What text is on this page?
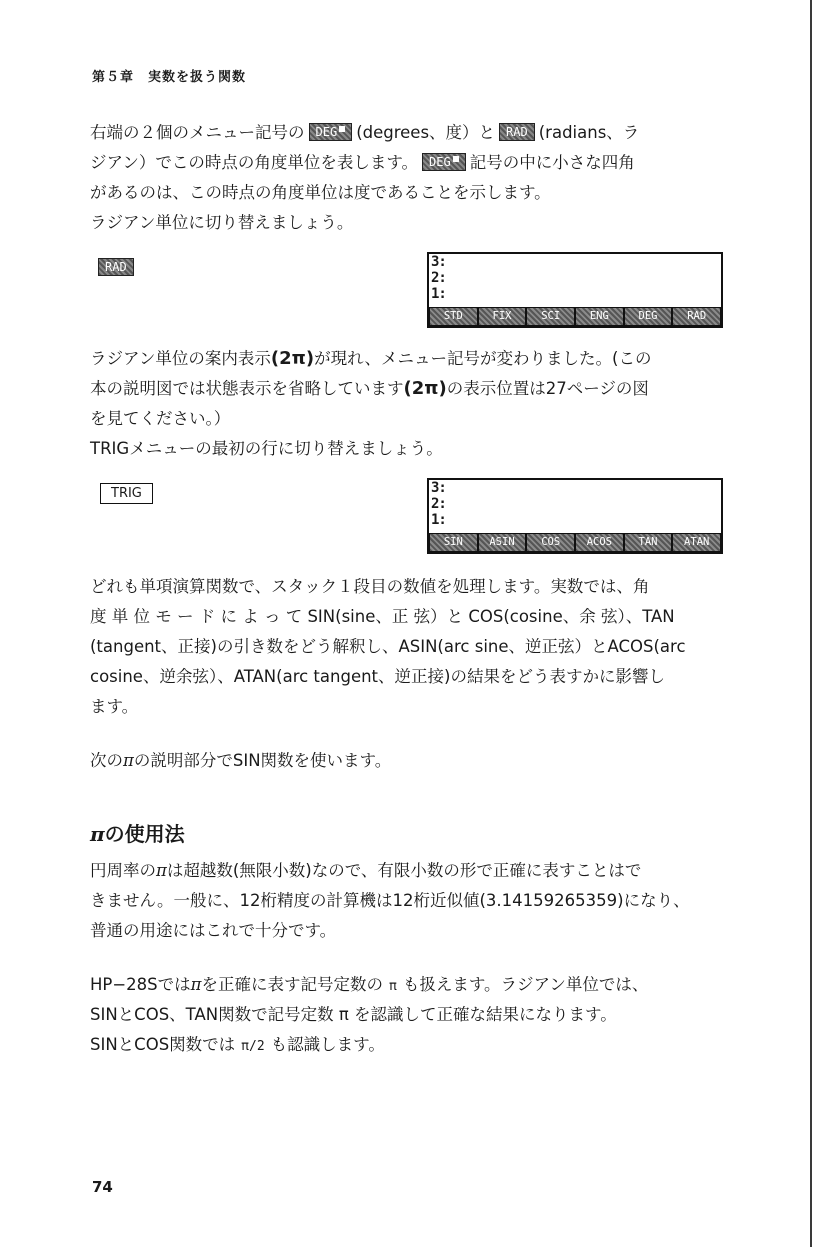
第５章　実数を扱う関数
右端の２個のメニュー記号の DEG (degrees、度）と RAD (radians、ラ
ジアン）でこの時点の角度単位を表します。 DEG 記号の中に小さな四角
があるのは、この時点の角度単位は度であることを示します。
ラジアン単位に切り替えましょう。
RAD	3:
2:
1:
STD	FIX	SCI	ENG	DEG	RAD
ラジアン単位の案内表示(2π)が現れ、メニュー記号が変わりました。(この
本の説明図では状態表示を省略しています(2π)の表示位置は27ページの図
を見てください。）
TRIGメニューの最初の行に切り替えましょう。
TRIG	3:
2:
1:
SIN	ASIN	COS	ACOS	TAN	ATAN
どれも単項演算関数で、スタック１段目の数値を処理します。実数では、角
度 単 位 モ ー ド に よ っ て SIN(sine、正 弦）と COS(cosine、余 弦）、TAN
(tangent、正接)の引き数をどう解釈し、ASIN(arc sine、逆正弦）とACOS(arc
cosine、逆余弦）、ATAN(arc tangent、逆正接)の結果をどう表すかに影響し
ます。
次のπの説明部分でSIN関数を使います。
πの使用法
円周率のπは超越数(無限小数)なので、有限小数の形で正確に表すことはで
きません。一般に、12桁精度の計算機は12桁近似値(3.14159265359)になり、
普通の用途にはこれで十分です。
HP−28Sではπを正確に表す記号定数の π も扱えます。ラジアン単位では、
SINとCOS、TAN関数で記号定数 π を認識して正確な結果になります。
SINとCOS関数では π/2 も認識します。
74
